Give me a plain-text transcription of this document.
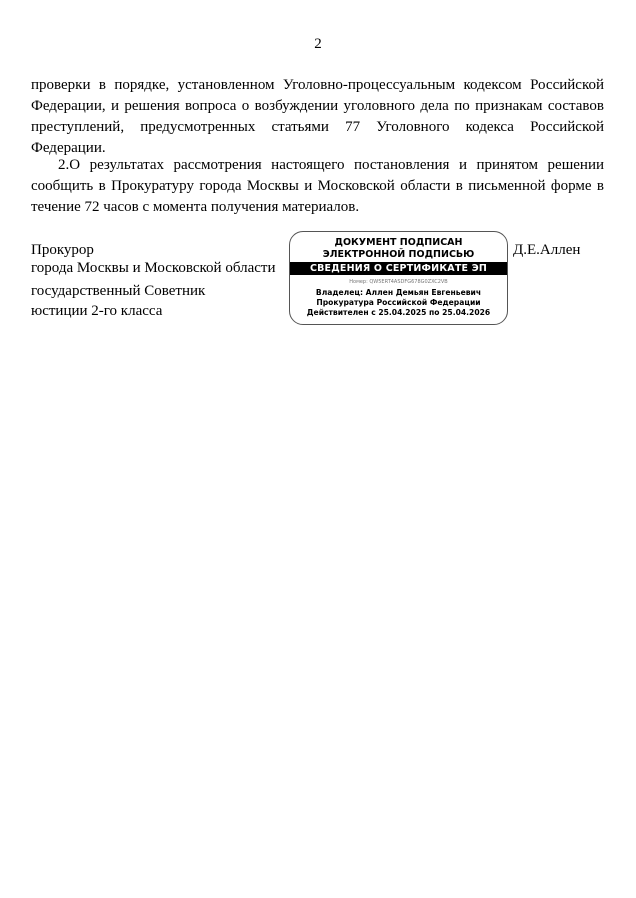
2
проверки в порядке, установленном Уголовно-процессуальным кодексом Российской Федерации, и решения вопроса о возбуждении уголовного дела по признакам составов преступлений, предусмотренных статьями 77 Уголовного кодекса Российской Федерации.
2.О результатах рассмотрения настоящего постановления и принятом решении сообщить в Прокуратуру города Москвы и Московской области в письменной форме в течение 72 часов с момента получения материалов.
Прокурор
города Москвы и Московской области
государственный Советник
юстиции 2-го класса
ДОКУМЕНТ ПОДПИСАН
ЭЛЕКТРОННОЙ ПОДПИСЬЮ
СВЕДЕНИЯ О СЕРТИФИКАТЕ ЭП
Номер: QW5ERT4ASDFG678G0ZXC2VB
Владелец: Аллен Демьян Евгеньевич
Прокуратура Российской Федерации
Действителен с 25.04.2025 по 25.04.2026
Д.Е.Аллен
